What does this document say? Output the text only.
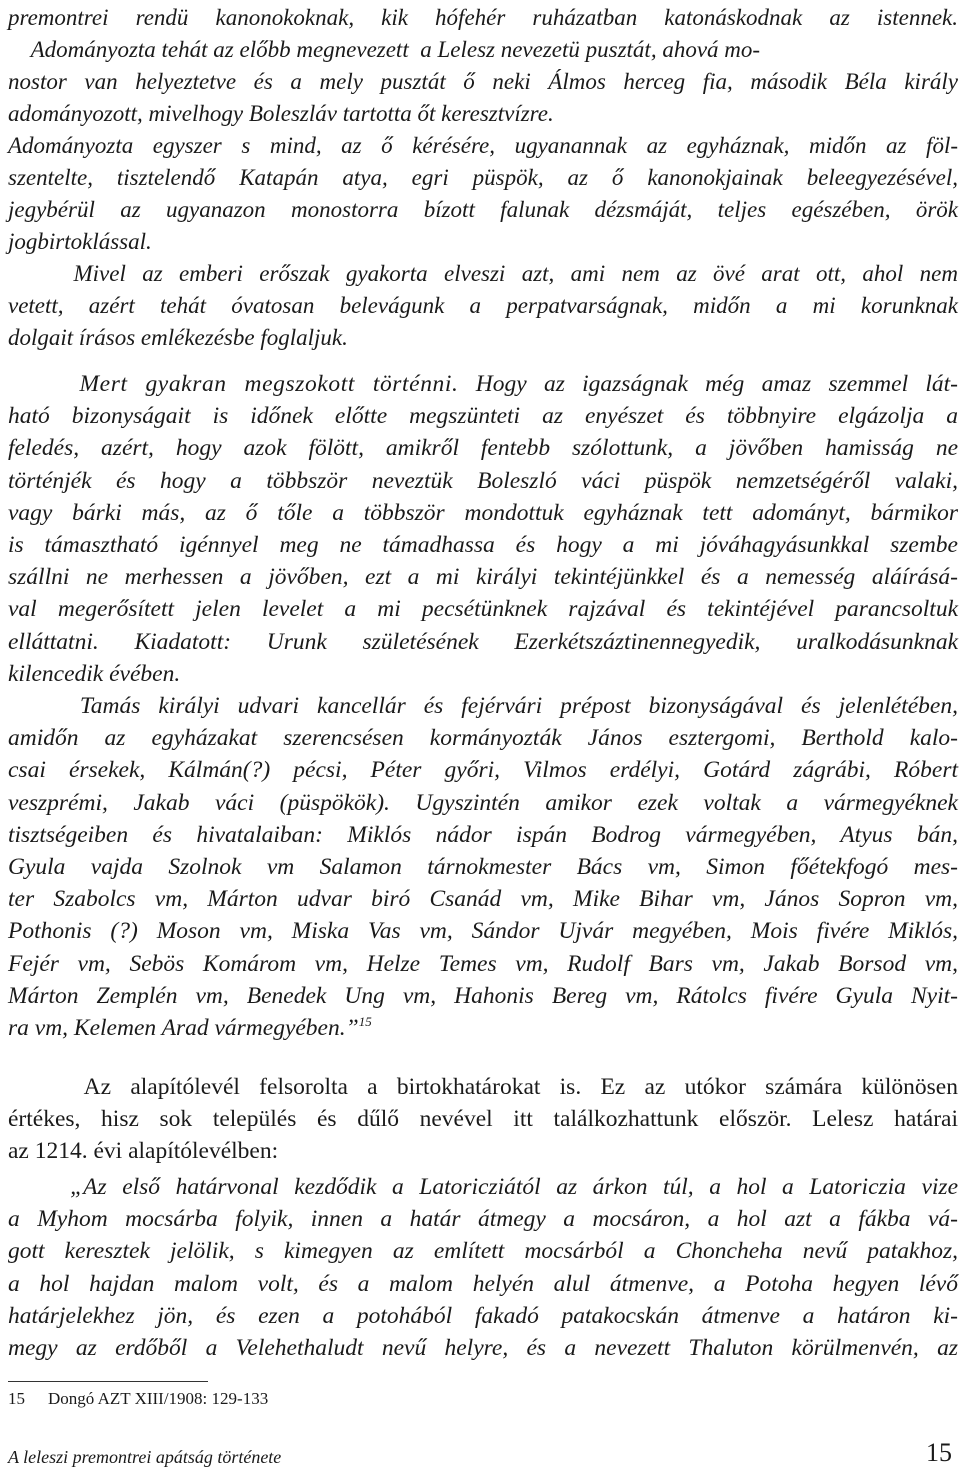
premontrei rendü kanonokoknak, kik hófehér ruházatban katonáskodnak az istennek.
Adományozta tehát az előbb megnevezett  a Lelesz nevezetü pusztát, ahová mo-
nostor van helyeztetve és a mely pusztát ő neki Álmos herceg fia, második Béla király
adományozott, mivelhogy Boleszláv tartotta őt keresztvízre.
Adományozta egyszer s mind, az ő kérésére, ugyanannak az egyháznak, midőn az föl-
szentelte, tisztelendő Katapán atya, egri püspök, az ő kanonokjainak beleegyezésével,
jegybérül az ugyanazon monostorra bízott falunak dézsmáját, teljes egészében, örök
jogbirtoklással.
Mivel az emberi erőszak gyakorta elveszi azt, ami nem az övé arat ott, ahol nem
vetett, azért tehát óvatosan belevágunk a perpatvarságnak, midőn a mi korunknak
dolgait írásos emlékezésbe foglaljuk.
Mert gyakran megszokott történni. Hogy az igazságnak még amaz szemmel lát-
ható bizonyságait is időnek előtte megszünteti az enyészet és többnyire elgázolja a
feledés, azért, hogy azok fölött, amikről fentebb szólottunk, a jövőben hamisság ne
történjék és hogy a többször neveztük Boleszló váci püspök nemzetségéről valaki,
vagy bárki más, az ő tőle a többször mondottuk egyháznak tett adományt, bármikor
is támasztható igénnyel meg ne támadhassa és hogy a mi jóváhagyásunkkal szembe
szállni ne merhessen a jövőben, ezt a mi királyi tekintéjünkkel és a nemesség aláírásá-
val megerősített jelen levelet a mi pecsétünknek rajzával és tekintéjével parancsoltuk
elláttatni. Kiadatott: Urunk születésének Ezerkétszáztinennegyedik, uralkodásunknak
kilencedik évében.
Tamás királyi udvari kancellár és fejérvári prépost bizonyságával és jelenlétében,
amidőn az egyházakat szerencsésen kormányozták János esztergomi, Berthold kalo-
csai érsekek, Kálmán(?) pécsi, Péter győri, Vilmos erdélyi, Gotárd zágrábi, Róbert
veszprémi, Jakab váci (püspökök). Ugyszintén amikor ezek voltak a vármegyéknek
tisztségeiben és hivatalaiban: Miklós nádor ispán Bodrog vármegyében, Atyus bán,
Gyula vajda Szolnok vm Salamon tárnokmester Bács vm, Simon főétekfogó mes-
ter Szabolcs vm, Márton udvar biró Csanád vm, Mike Bihar vm, János Sopron vm,
Pothonis (?) Moson vm, Miska Vas vm, Sándor Ujvár megyében, Mois fivére Miklós,
Fejér vm, Sebös Komárom vm, Helze Temes vm, Rudolf Bars vm, Jakab Borsod vm,
Márton Zemplén vm, Benedek Ung vm, Hahonis Bereg vm, Rátolcs fivére Gyula Nyit-
ra vm, Kelemen Arad vármegyében.”$^{15}$
Az alapítólevél felsorolta a birtokhatárokat is. Ez az utókor számára különösen
értékes, hisz sok település és dűlő nevével itt találkozhattunk először. Lelesz határai
az 1214. évi alapítólevélben:
„Az első határvonal kezdődik a Latoricziától az árkon túl, a hol a Latoriczia vize
a Myhom mocsárba folyik, innen a határ átmegy a mocsáron, a hol azt a fákba vá-
gott keresztek jelölik, s kimegyen az említett mocsárból a Choncheha nevű patakhoz,
a hol hajdan malom volt, és a malom helyén alul átmenve, a Potoha hegyen lévő
határjelekhez jön, és ezen a potohából fakadó patakocskán átmenve a határon ki-
megy az erdőből a Velehethaludt nevű helyre, és a nevezett Thaluton körülmenvén, az
15 Dongó AZT XIII/1908: 129-133
A leleszi premontrei apátság története	15
